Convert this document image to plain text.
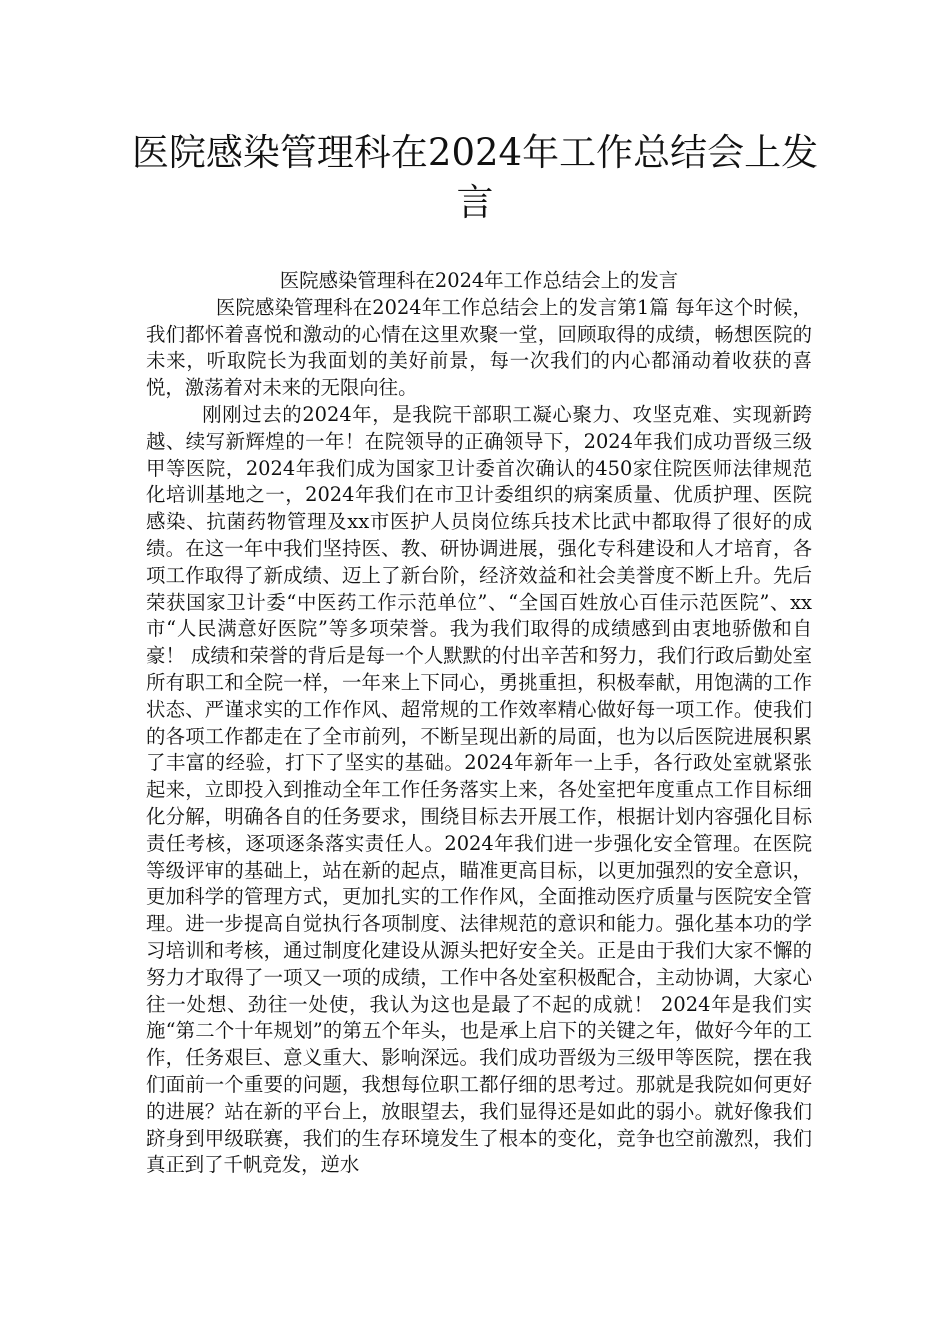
医院感染管理科在2024年工作总结会上发言

医院感染管理科在2024年工作总结会上的发言

医院感染管理科在2024年工作总结会上的发言第1篇 每年这个时候，我们都怀着喜悦和激动的心情在这里欢聚一堂，回顾取得的成绩，畅想医院的未来，听取院长为我面划的美好前景，每一次我们的内心都涌动着收获的喜悦，激荡着对未来的无限向往。

刚刚过去的2024年，是我院干部职工凝心聚力、攻坚克难、实现新跨越、续写新辉煌的一年！在院领导的正确领导下，2024年我们成功晋级三级甲等医院，2024年我们成为国家卫计委首次确认的450家住院医师法律规范化培训基地之一，2024年我们在市卫计委组织的病案质量、优质护理、医院感染、抗菌药物管理及xx市医护人员岗位练兵技术比武中都取得了很好的成绩。在这一年中我们坚持医、教、研协调进展，强化专科建设和人才培育，各项工作取得了新成绩、迈上了新台阶，经济效益和社会美誉度不断上升。先后荣获国家卫计委“中医药工作示范单位”、“全国百姓放心百佳示范医院”、xx市“人民满意好医院”等多项荣誉。我为我们取得的成绩感到由衷地骄傲和自豪！ 成绩和荣誉的背后是每一个人默默的付出辛苦和努力，我们行政后勤处室所有职工和全院一样，一年来上下同心，勇挑重担，积极奉献，用饱满的工作状态、严谨求实的工作作风、超常规的工作效率精心做好每一项工作。使我们的各项工作都走在了全市前列，不断呈现出新的局面，也为以后医院进展积累了丰富的经验，打下了坚实的基础。2024年新年一上手，各行政处室就紧张起来，立即投入到推动全年工作任务落实上来，各处室把年度重点工作目标细化分解，明确各自的任务要求，围绕目标去开展工作，根据计划内容强化目标责任考核，逐项逐条落实责任人。2024年我们进一步强化安全管理。在医院等级评审的基础上，站在新的起点，瞄准更高目标，以更加强烈的安全意识，更加科学的管理方式，更加扎实的工作作风，全面推动医疗质量与医院安全管理。进一步提高自觉执行各项制度、法律规范的意识和能力。强化基本功的学习培训和考核，通过制度化建设从源头把好安全关。正是由于我们大家不懈的努力才取得了一项又一项的成绩，工作中各处室积极配合，主动协调，大家心往一处想、劲往一处使，我认为这也是最了不起的成就！ 2024年是我们实施“第二个十年规划”的第五个年头，也是承上启下的关键之年，做好今年的工作，任务艰巨、意义重大、影响深远。我们成功晋级为三级甲等医院，摆在我们面前一个重要的问题，我想每位职工都仔细的思考过。那就是我院如何更好的进展？站在新的平台上，放眼望去，我们显得还是如此的弱小。就好像我们跻身到甲级联赛，我们的生存环境发生了根本的变化，竞争也空前激烈，我们真正到了千帆竞发，逆水
